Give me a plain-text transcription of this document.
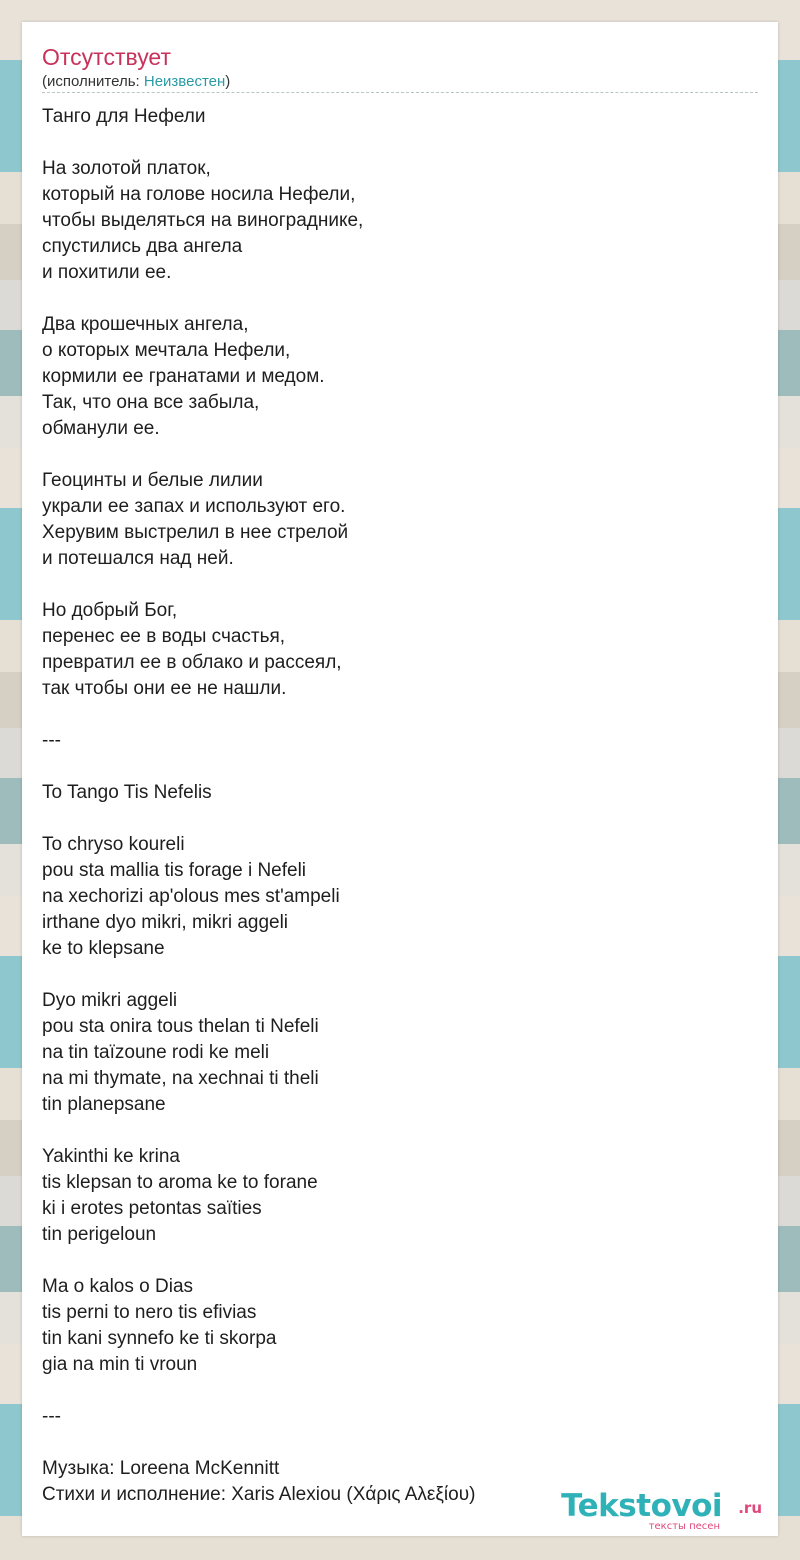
Отсутствует
(исполнитель: Неизвестен)
Танго для Нефели

На золотой платок,
который на голове носила Нефели,
чтобы выделяться на винограднике,
спустились два ангела
и похитили ее.

Два крошечных ангела,
о которых мечтала Нефели,
кормили ее гранатами и медом.
Так, что она все забыла,
обманули ее.

Геоцинты и белые лилии
украли ее запах и используют его.
Херувим выстрелил в нее стрелой
и потешался над ней.

Но добрый Бог,
перенес ее в воды счастья,
превратил ее в облако и рассеял,
так чтобы они ее не нашли.

---

To Tango Tis Nefelis

To chryso koureli
pou sta mallia tis forage i Nefeli
na xechorizi ap'olous mes st'ampeli
irthane dyo mikri, mikri aggeli
ke to klepsane

Dyo mikri aggeli
pou sta onira tous thelan ti Nefeli
na tin taïzoune rodi ke meli
na mi thymate, na xechnai ti theli
tin planepsane

Yakinthi ke krina
tis klepsan to aroma ke to forane
ki i erotes petontas saïties
tin perigeloun

Ma o kalos o Dias
tis perni to nero tis efivias
tin kani synnefo ke ti skorpa
gia na min ti vroun

---

Музыка: Loreena McKennitt
Стихи и исполнение: Xaris Alexiou (Χάρις Αλεξίου)	Tekstovoi .ru
тексты песен
